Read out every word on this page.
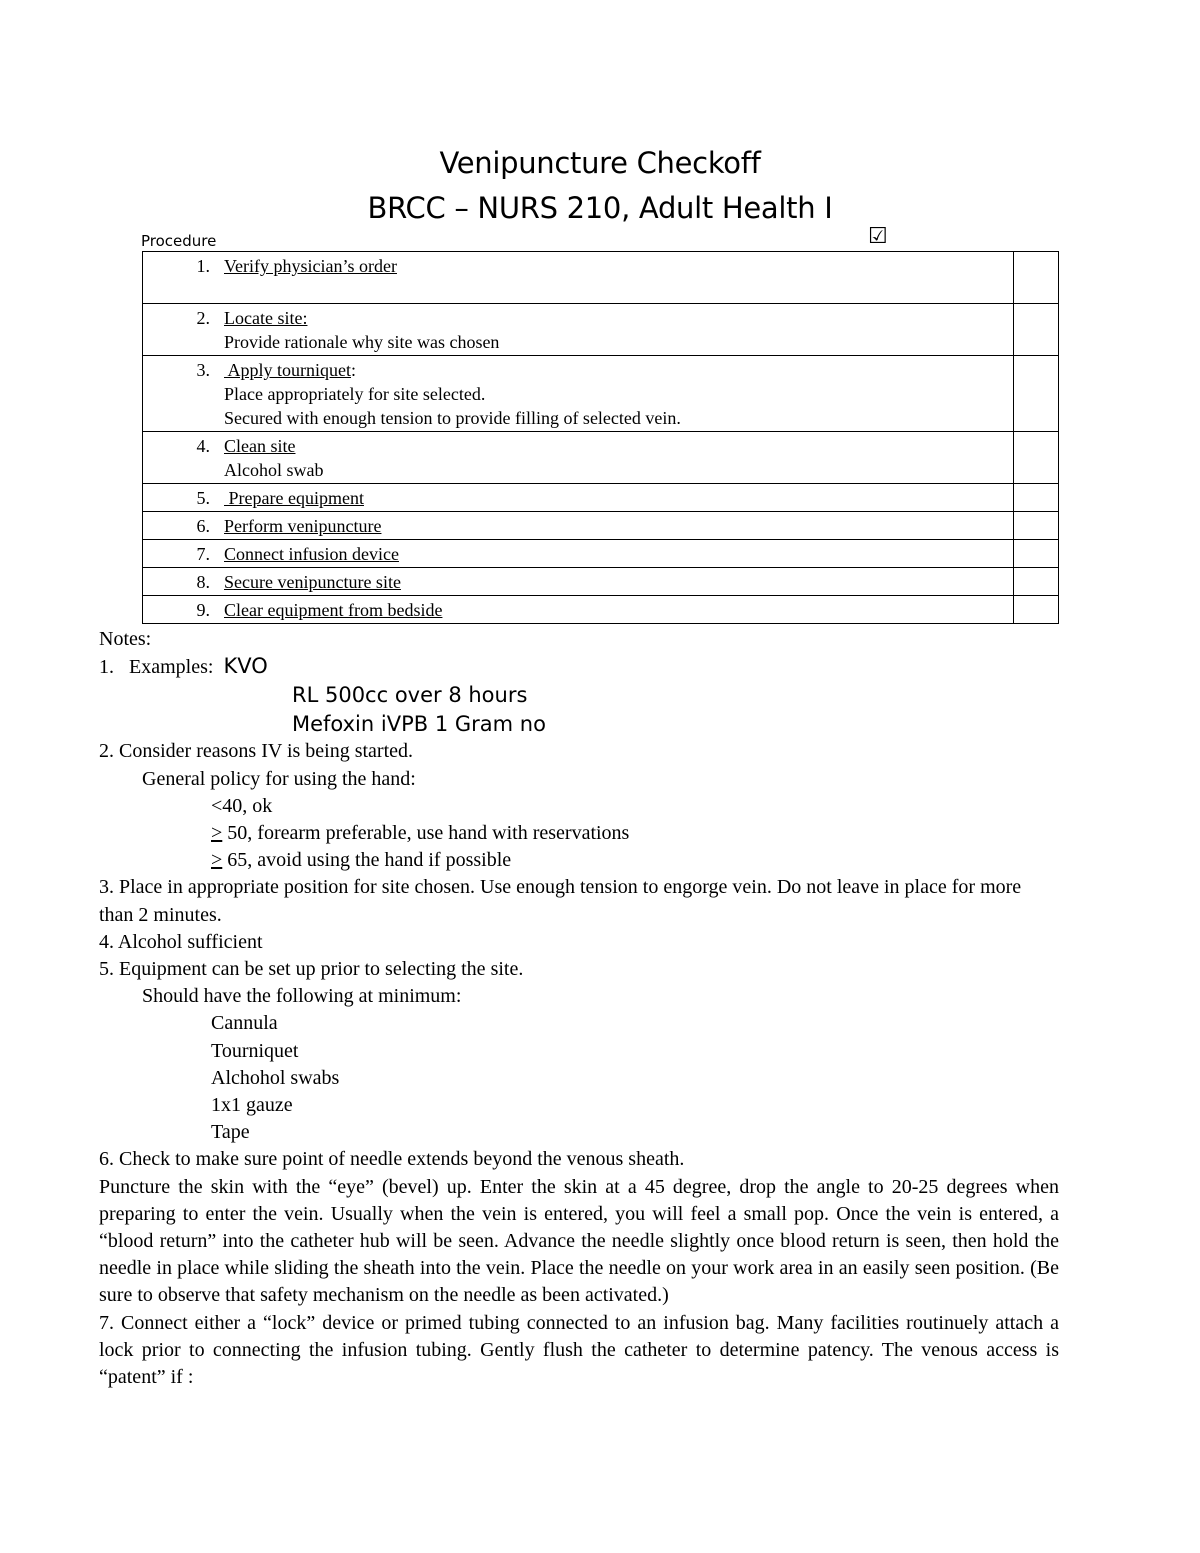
Venipuncture Checkoff
BRCC – NURS 210, Adult Health I
Procedure	☑
1. Verify physician’s order	

2. Locate site:
Provide rationale why site was chosen	

3. Apply tourniquet:
Place appropriately for site selected.
Secured with enough tension to provide filling of selected vein.	

4. Clean site
Alcohol swab	

5. Prepare equipment	

6. Perform venipuncture	

7. Connect infusion device	

8. Secure venipuncture site	

9. Clear equipment from bedside	

Notes:

1.   Examples:  KVO

RL 500cc over 8 hours

Mefoxin iVPB 1 Gram no

2. Consider reasons IV is being started.

General policy for using the hand:

<40, ok

> 50, forearm preferable, use hand with reservations

> 65, avoid using the hand if possible

3. Place in appropriate position for site chosen. Use enough tension to engorge vein. Do not leave in place for more than 2 minutes.

4. Alcohol sufficient

5. Equipment can be set up prior to selecting the site.

Should have the following at minimum:

Cannula

Tourniquet

Alchohol swabs

1x1 gauze

Tape

6. Check to make sure point of needle extends beyond the venous sheath.

Puncture the skin with the “eye” (bevel) up. Enter the skin at a 45 degree, drop the angle to 20-25 degrees when preparing to enter the vein. Usually when the vein is entered, you will feel a small pop. Once the vein is entered, a “blood return” into the catheter hub will be seen. Advance the needle slightly once blood return is seen, then hold the needle in place while sliding the sheath into the vein. Place the needle on your work area in an easily seen position. (Be sure to observe that safety mechanism on the needle as been activated.)

7. Connect either a “lock” device or primed tubing connected to an infusion bag. Many facilities routinuely attach a lock prior to connecting the infusion tubing. Gently flush the catheter to determine patency. The venous access is “patent” if :
